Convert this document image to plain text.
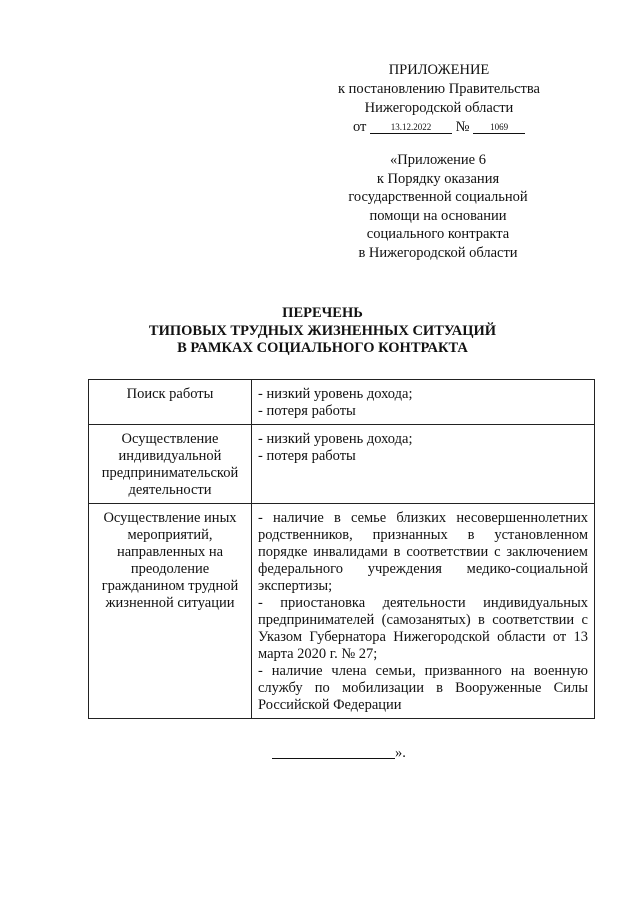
ПРИЛОЖЕНИЕ
к постановлению Правительства
Нижегородской области
от	13.12.2022 № 1069
«Приложение 6
к Порядку оказания
государственной социальной
помощи на основании
социального контракта
в Нижегородской области
ПЕРЕЧЕНЬ
ТИПОВЫХ ТРУДНЫХ ЖИЗНЕННЫХ СИТУАЦИЙ
В РАМКАХ СОЦИАЛЬНОГО КОНТРАКТА
Поиск работы	- низкий уровень дохода;
- потеря работы

Осуществление индивидуальной предпринимательской деятельности	- низкий уровень дохода;
- потеря работы

Осуществление иных мероприятий, направленных на преодоление гражданином трудной жизненной ситуации	- наличие в семье близких несовершеннолетних родственников, признанных в установленном порядке инвалидами в соответствии с заключением федерального учреждения медико-социальной экспертизы;
- приостановка деятельности индивидуальных предпринимателей (самозанятых) в соответствии с Указом Губернатора Нижегородской области от 13 марта 2020 г. № 27;
- наличие члена семьи, призванного на военную службу по мобилизации в Вооруженные Силы Российской Федерации
».
